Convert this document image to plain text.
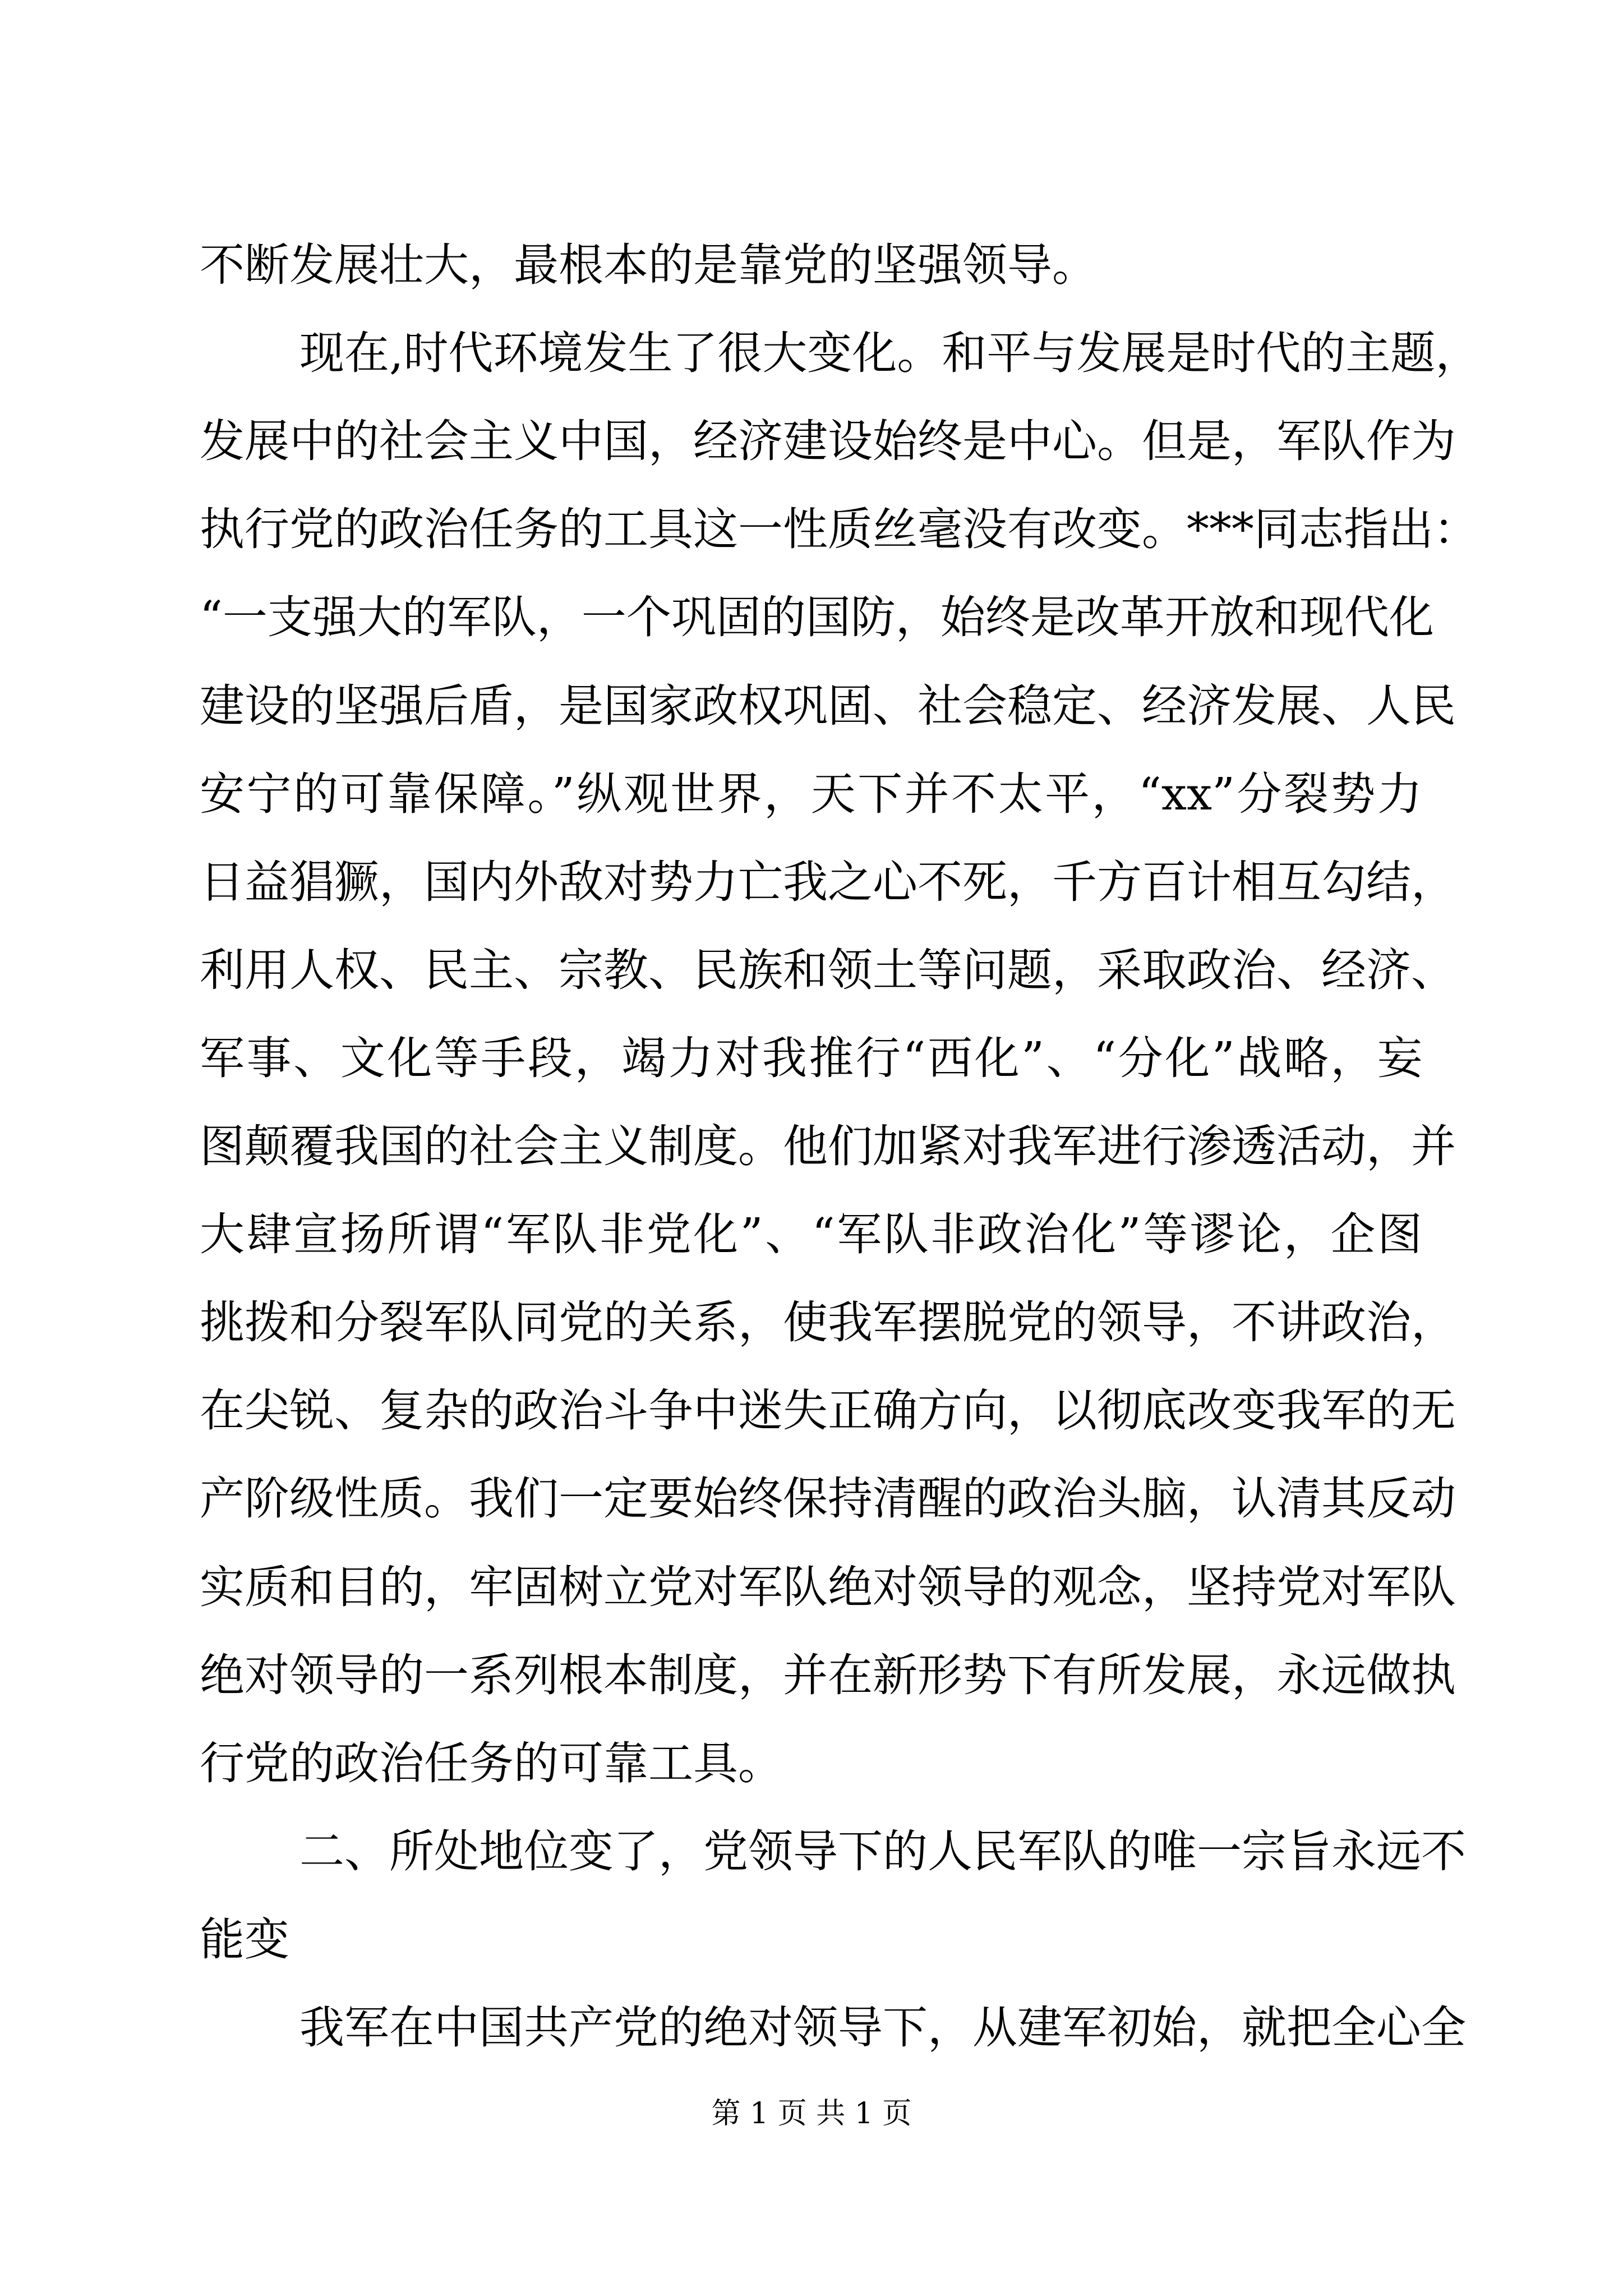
不断发展壮大，最根本的是靠党的坚强领导。
现在,时代环境发生了很大变化。和平与发展是时代的主题，
发展中的社会主义中国，经济建设始终是中心。但是，军队作为
执行党的政治任务的工具这一性质丝毫没有改变。***同志指出：
“一支强大的军队，一个巩固的国防，始终是改革开放和现代化
建设的坚强后盾，是国家政权巩固、社会稳定、经济发展、人民
安宁的可靠保障。”纵观世界，天下并不太平，“xx”分裂势力
日益猖獗，国内外敌对势力亡我之心不死，千方百计相互勾结，
利用人权、民主、宗教、民族和领土等问题，采取政治、经济、
军事、文化等手段，竭力对我推行“西化”、“分化”战略，妄
图颠覆我国的社会主义制度。他们加紧对我军进行渗透活动，并
大肆宣扬所谓“军队非党化”、“军队非政治化”等谬论，企图
挑拨和分裂军队同党的关系，使我军摆脱党的领导，不讲政治，
在尖锐、复杂的政治斗争中迷失正确方向，以彻底改变我军的无
产阶级性质。我们一定要始终保持清醒的政治头脑，认清其反动
实质和目的，牢固树立党对军队绝对领导的观念，坚持党对军队
绝对领导的一系列根本制度，并在新形势下有所发展，永远做执
行党的政治任务的可靠工具。
二、所处地位变了，党领导下的人民军队的唯一宗旨永远不
能变
我军在中国共产党的绝对领导下，从建军初始，就把全心全
第 1 页 共 1 页
